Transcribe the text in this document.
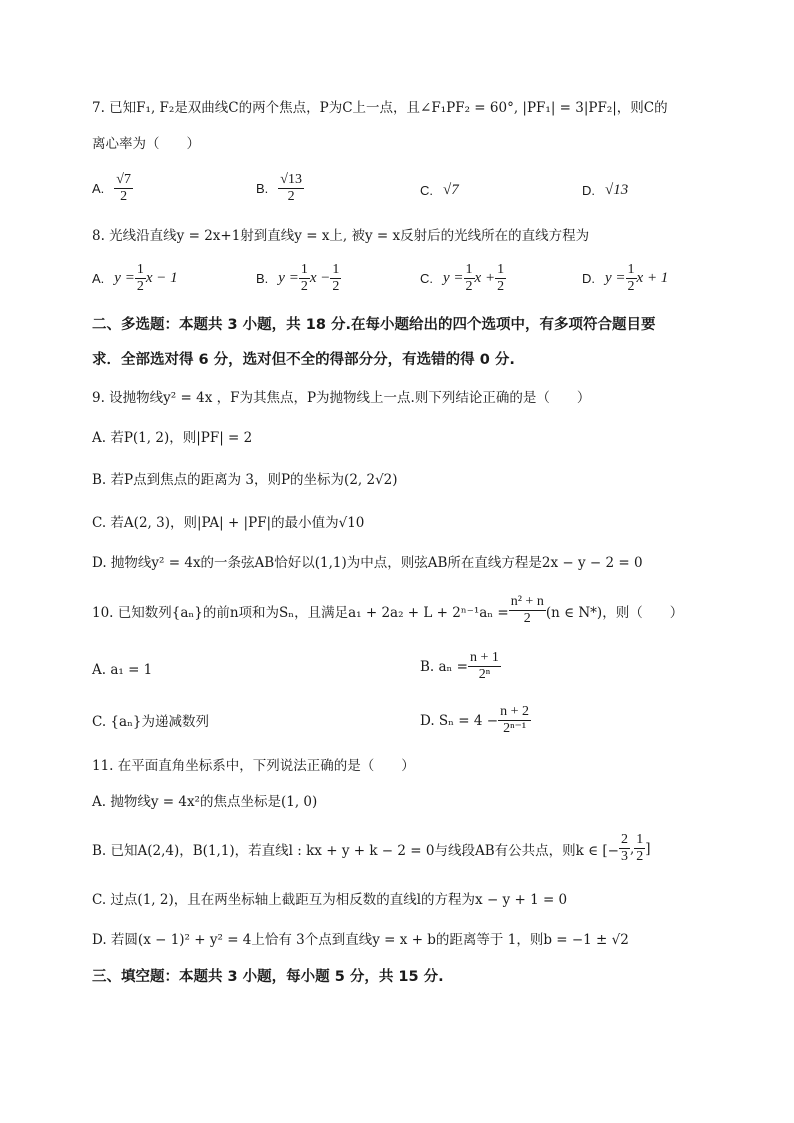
7. 已知F₁, F₂是双曲线C的两个焦点，P为C上一点，且∠F₁PF₂ = 60°, |PF₁| = 3|PF₂|，则C的
离心率为（　　）
A. $\frac{√7}{2}$	B. $\frac{√13}{2}$	C. √7	D. √13
8. 光线沿直线y = 2x+1射到直线y = x上, 被y = x反射后的光线所在的直线方程为
A. $y = \frac{1}{2}$ x − 1	B. $y = \frac{1}{2}$ $x - \frac{1}{2}$	C. $y = \frac{1}{2}$ $x + \frac{1}{2}$	D. $y = \frac{1}{2}$ x + 1
二、多选题：本题共 3 小题，共 18 分.在每小题给出的四个选项中，有多项符合题目要
求．全部选对得 6 分，选对但不全的得部分分，有选错的得 0 分.
9. 设抛物线y² = 4x ，F为其焦点，P为抛物线上一点.则下列结论正确的是（　　）
A. 若P(1, 2)，则|PF| = 2
B. 若P点到焦点的距离为 3，则P的坐标为(2, 2√2)
C. 若A(2, 3)，则|PA| + |PF|的最小值为√10
D. 抛物线y² = 4x的一条弦AB恰好以(1,1)为中点，则弦AB所在直线方程是2x − y − 2 = 0
10. 已知数列{aₙ}的前n项和为Sₙ，且满足$a_1 + 2a_2 + L + 2^{n-1}a_n = \frac{\text{n² + n}}{2} (n$ ∈ N*)，则（　　）
A. a₁ = 1	B. $a_n = \frac{n + 1}{\text{2ⁿ}}$
C. {aₙ}为递减数列	D. $S_n = 4 - \frac{n + 2}{\text{2ⁿ⁻¹}}$
11. 在平面直角坐标系中，下列说法正确的是（　　）
A. 抛物线y = 4x²的焦点坐标是(1, 0)
B. 已知A(2,4)，B(1,1)，若直线l : kx + y + k − 2 = 0与线段AB有公共点，则k ∈ [− $\frac{2}{3}$ , $\frac{1}{2}$ ]
C. 过点(1, 2)，且在两坐标轴上截距互为相反数的直线l的方程为x − y + 1 = 0
D. 若圆(x − 1)² + y² = 4上恰有 3个点到直线y = x + b的距离等于 1，则b = −1 ± √2
三、填空题：本题共 3 小题，每小题 5 分，共 15 分.
